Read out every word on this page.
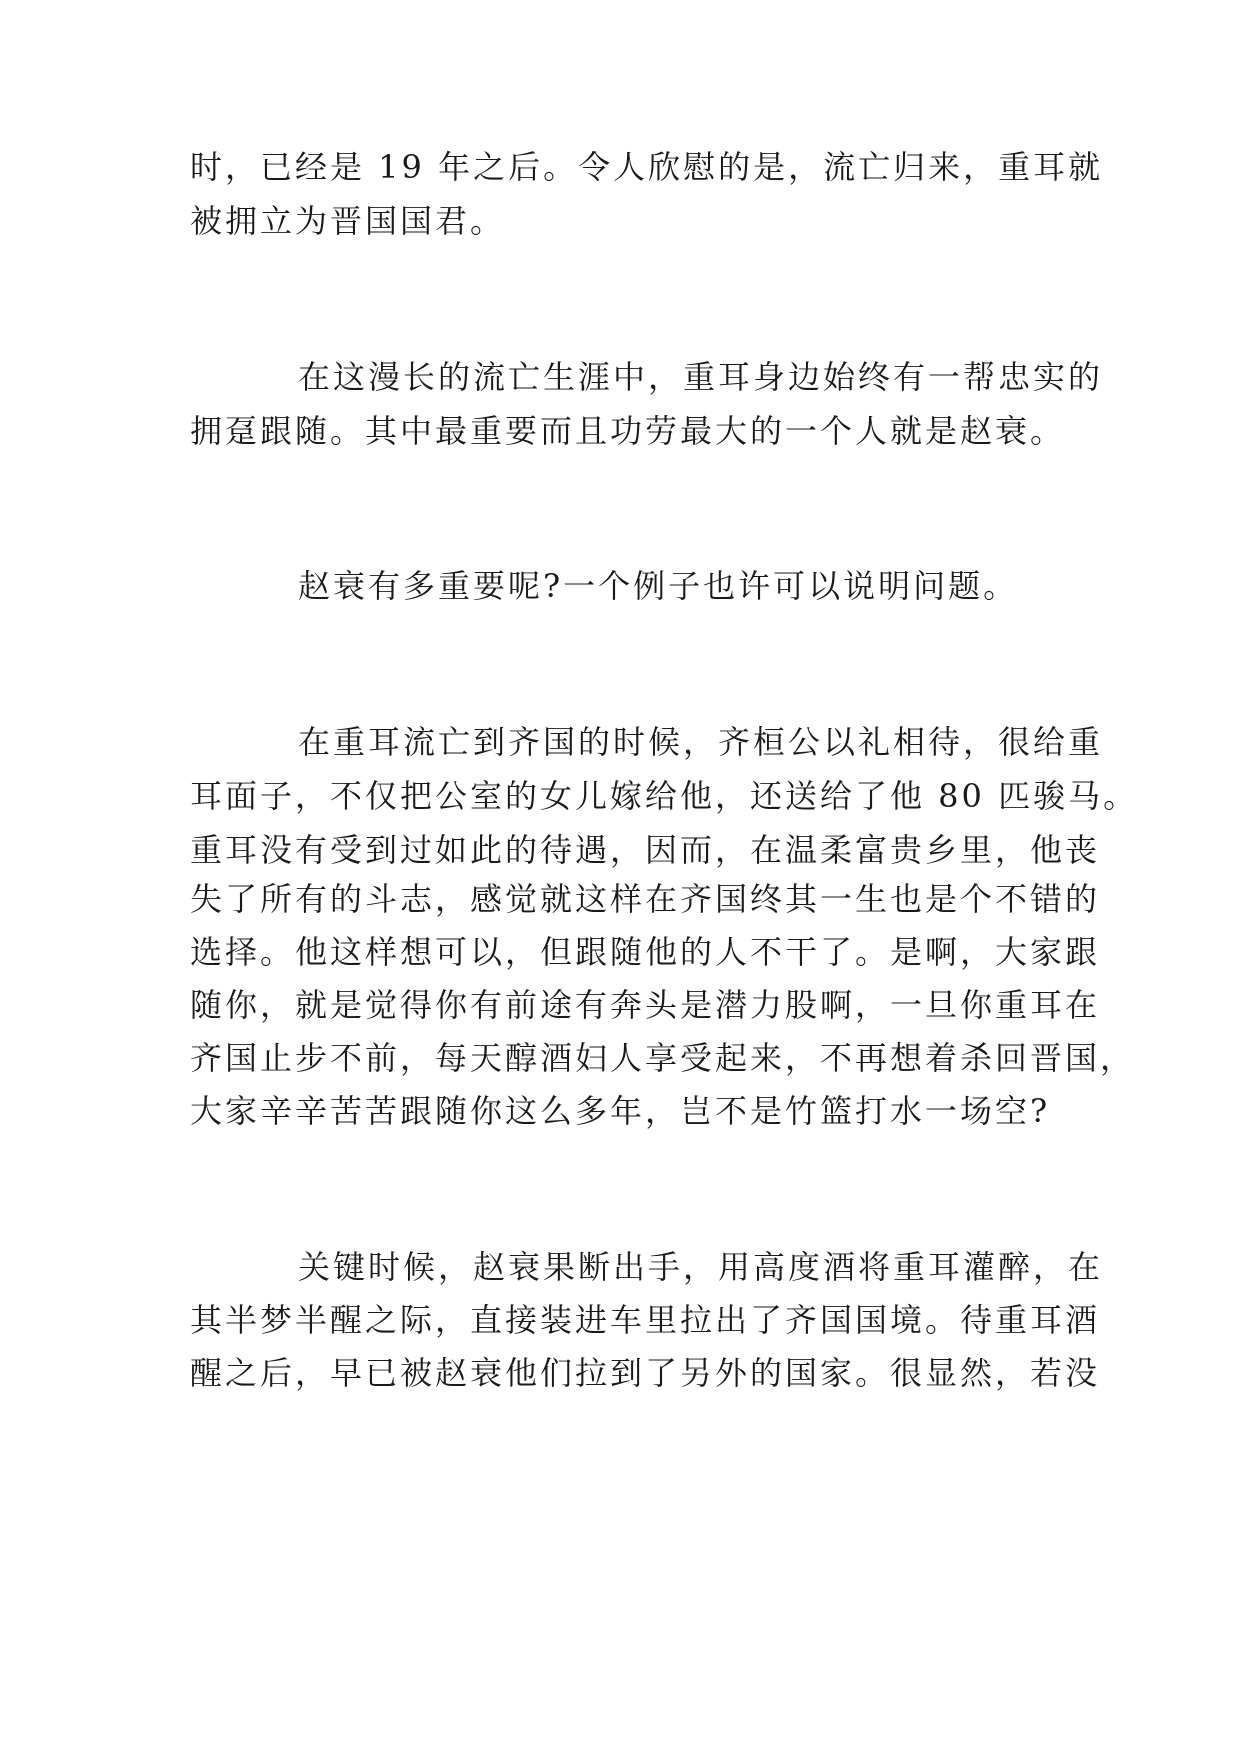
时，已经是 19 年之后。令人欣慰的是，流亡归来，重耳就
被拥立为晋国国君。
在这漫长的流亡生涯中，重耳身边始终有一帮忠实的
拥趸跟随。其中最重要而且功劳最大的一个人就是赵衰。
赵衰有多重要呢?一个例子也许可以说明问题。
在重耳流亡到齐国的时候，齐桓公以礼相待，很给重
耳面子，不仅把公室的女儿嫁给他，还送给了他 80 匹骏马。
重耳没有受到过如此的待遇，因而，在温柔富贵乡里，他丧
失了所有的斗志，感觉就这样在齐国终其一生也是个不错的
选择。他这样想可以，但跟随他的人不干了。是啊，大家跟
随你，就是觉得你有前途有奔头是潜力股啊，一旦你重耳在
齐国止步不前，每天醇酒妇人享受起来，不再想着杀回晋国，
大家辛辛苦苦跟随你这么多年，岂不是竹篮打水一场空?
关键时候，赵衰果断出手，用高度酒将重耳灌醉，在
其半梦半醒之际，直接装进车里拉出了齐国国境。待重耳酒
醒之后，早已被赵衰他们拉到了另外的国家。很显然，若没
